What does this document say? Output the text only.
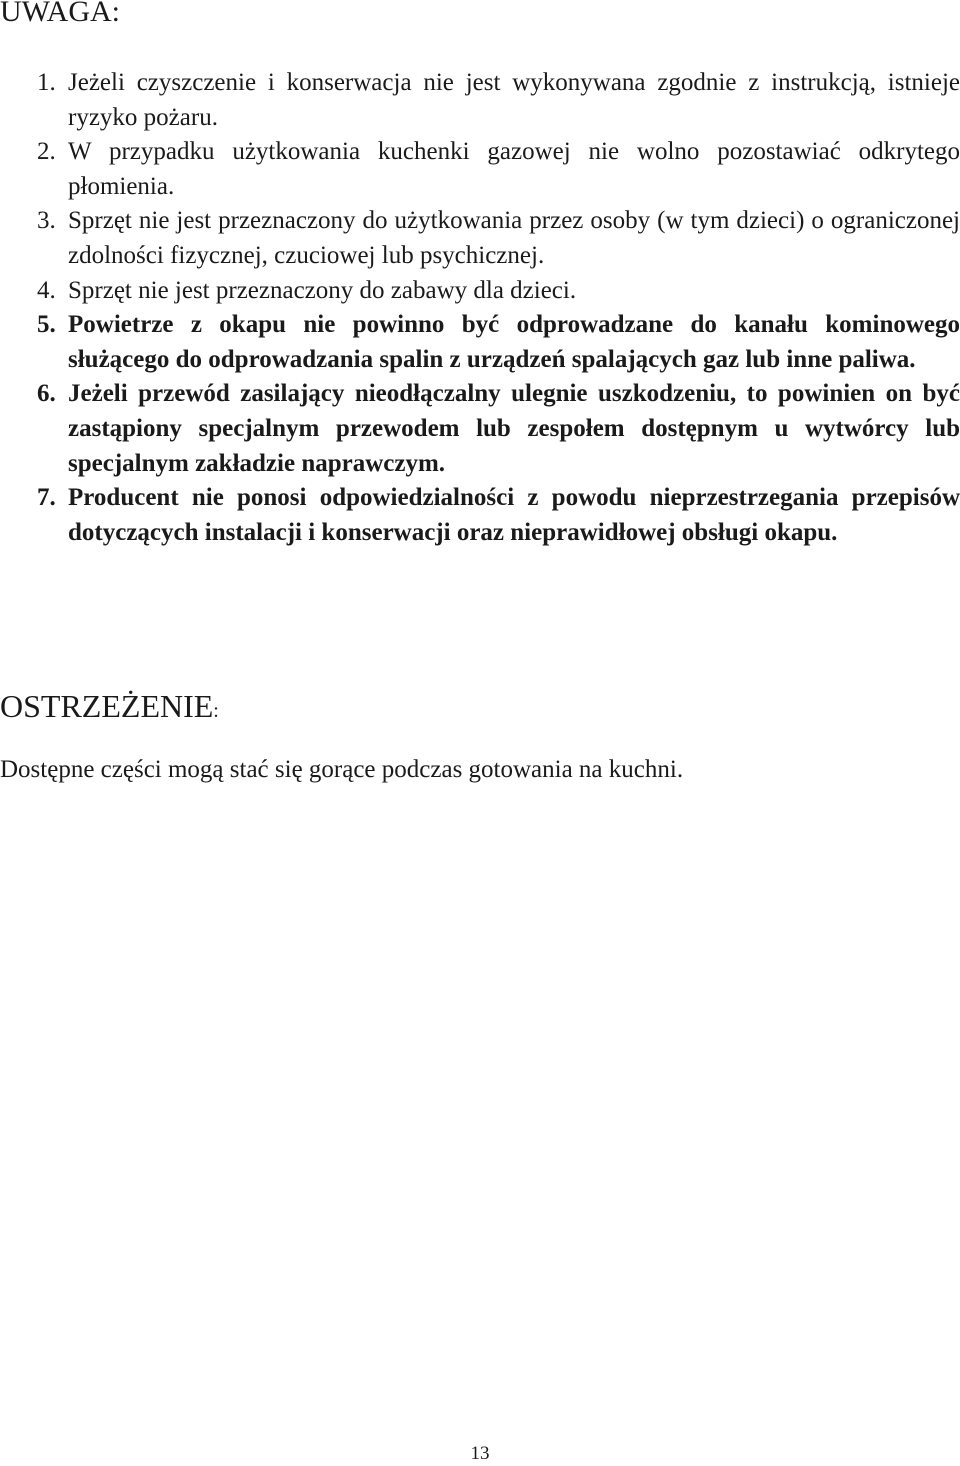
UWAGA:
1. Jeżeli czyszczenie i konserwacja nie jest wykonywana zgodnie z instrukcją, istnieje ryzyko pożaru.
2. W przypadku użytkowania kuchenki gazowej nie wolno pozostawiać odkrytego płomienia.
3. Sprzęt nie jest przeznaczony do użytkowania przez osoby (w tym dzieci) o ograniczonej zdolności fizycznej, czuciowej lub psychicznej.
4. Sprzęt nie jest przeznaczony do zabawy dla dzieci.
5. Powietrze z okapu nie powinno być odprowadzane do kanału kominowego służącego do odprowadzania spalin z urządzeń spalających gaz lub inne paliwa.
6. Jeżeli przewód zasilający nieodłączalny ulegnie uszkodzeniu, to powinien on być zastąpiony specjalnym przewodem lub zespołem dostępnym u wytwórcy lub specjalnym zakładzie naprawczym.
7. Producent nie ponosi odpowiedzialności z powodu nieprzestrzegania przepisów dotyczących instalacji i konserwacji oraz nieprawidłowej obsługi okapu.
OSTRZEŻENIE:

Dostępne części mogą stać się gorące podczas gotowania na kuchni.

13
